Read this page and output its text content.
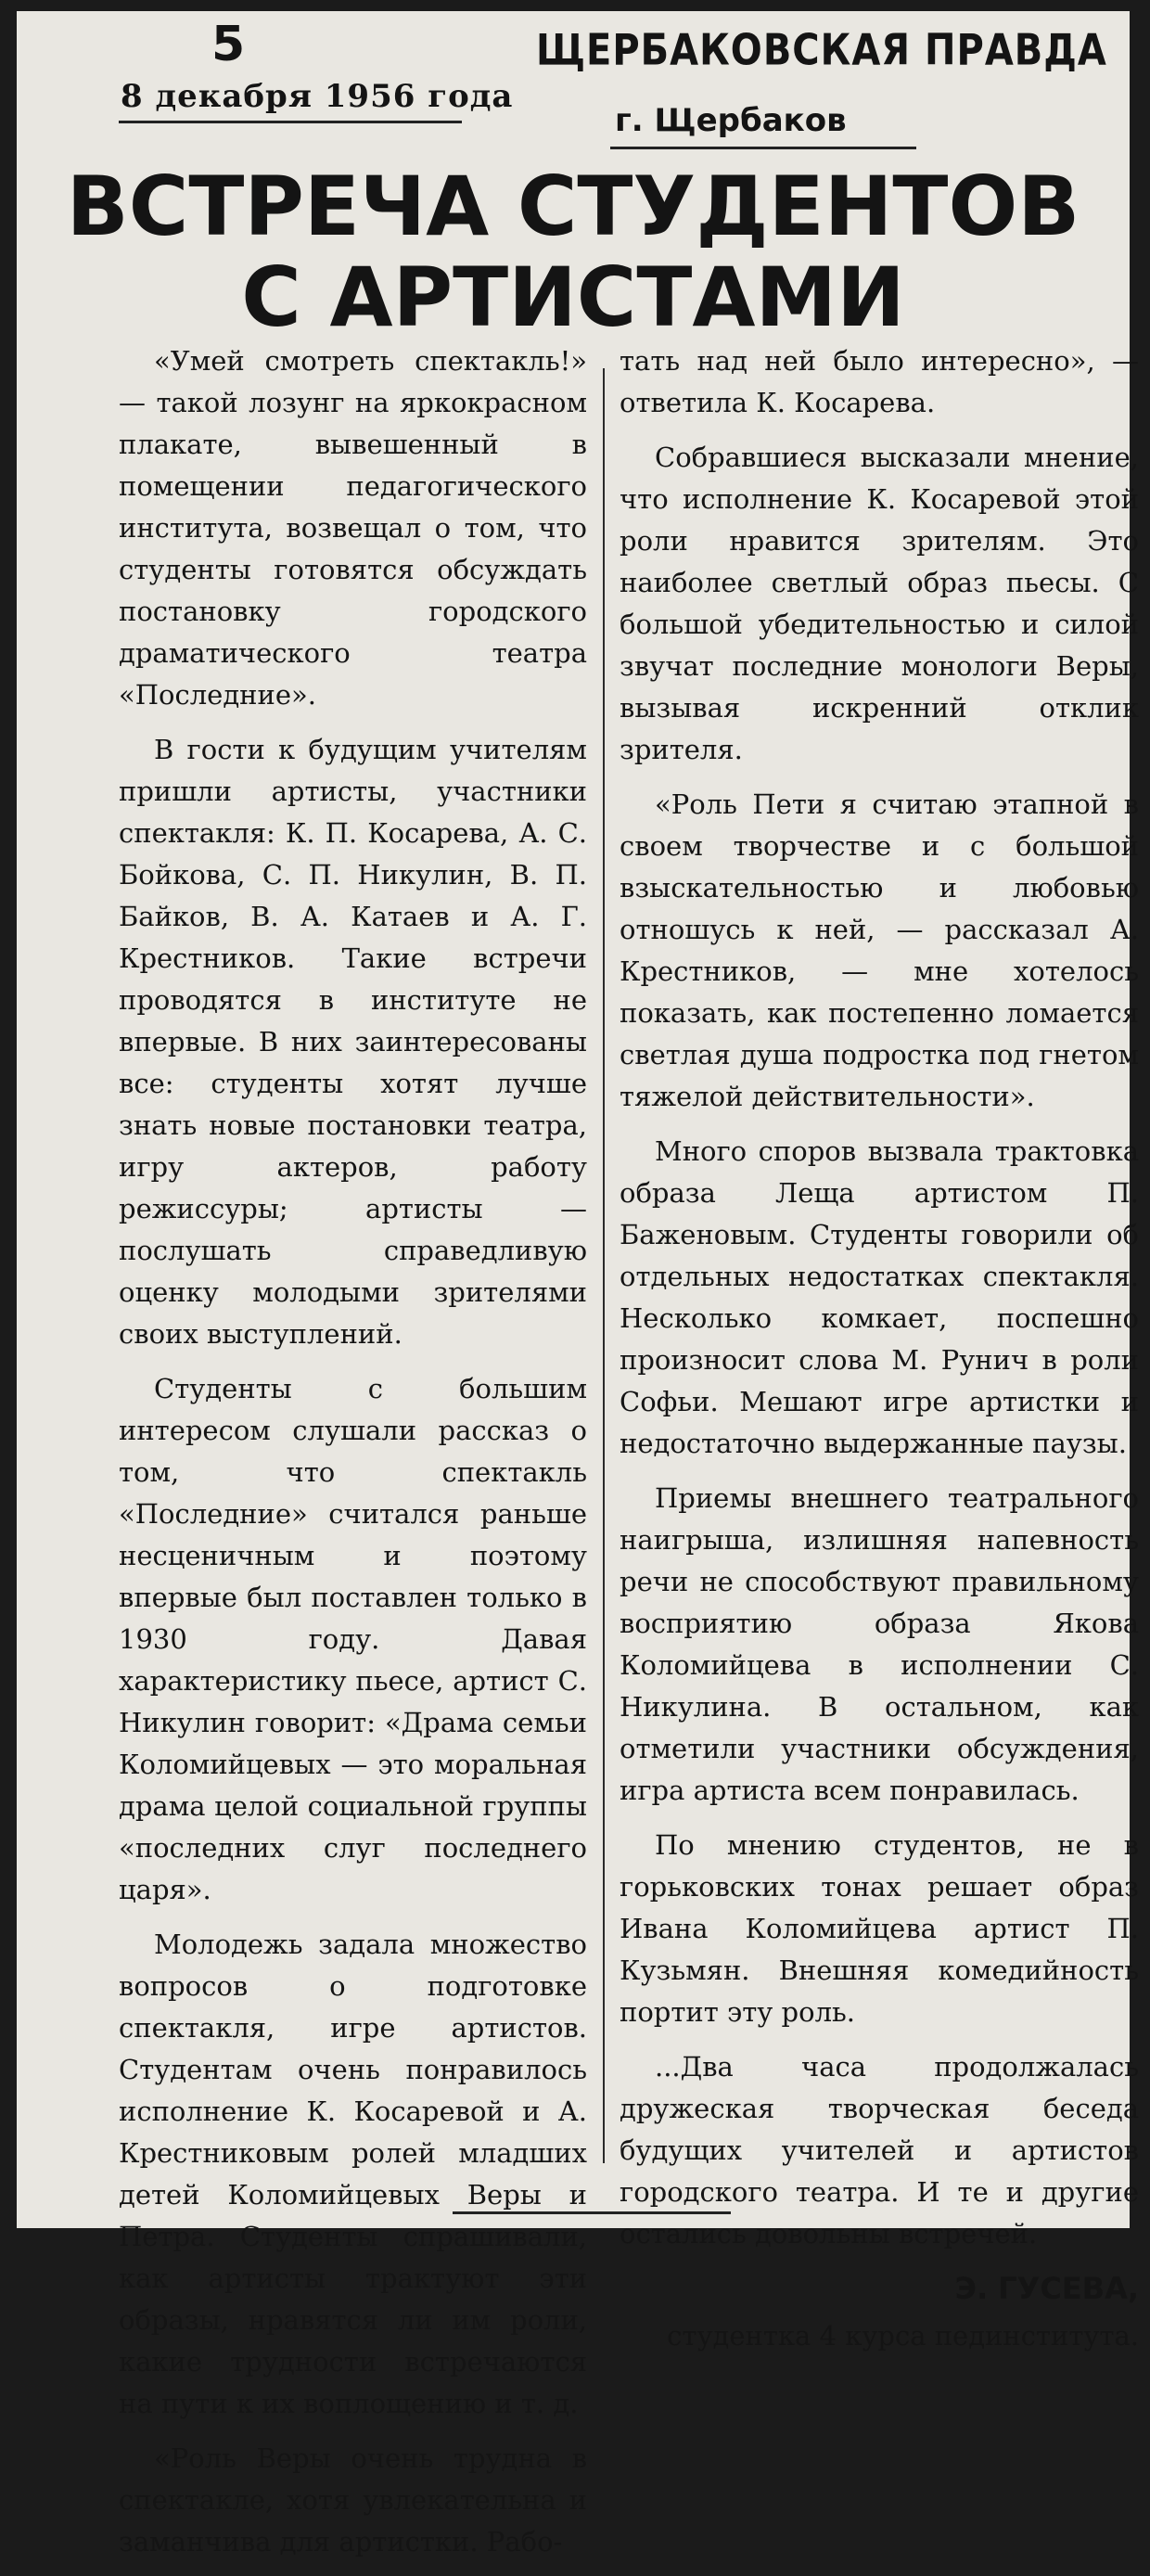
5
8 декабря 1956 года
ЩЕРБАКОВСКАЯ ПРАВДА
г. Щербаков
ВСТРЕЧА СТУДЕНТОВ
С АРТИСТАМИ

«Умей смотреть спектакль!» — такой лозунг на яркокрасном плакате, вывешенный в помещении педагогического института, возвещал о том, что студенты готовятся обсуждать постановку городского драматического театра «Последние».

В гости к будущим учителям пришли артисты, участники спектакля: К. П. Косарева, А. С. Бойкова, С. П. Никулин, В. П. Байков, В. А. Катаев и А. Г. Крестников. Такие встречи проводятся в институте не впервые. В них заинтересованы все: студенты хотят лучше знать новые постановки театра, игру актеров, работу режиссуры; артисты — послушать справедливую оценку молодыми зрителями своих выступлений.

Студенты с большим интересом слушали рассказ о том, что спектакль «Последние» считался раньше несценичным и поэтому впервые был поставлен только в 1930 году. Давая характеристику пьесе, артист С. Никулин говорит: «Драма семьи Коломийцевых — это моральная драма целой социальной группы «последних слуг последнего царя».

Молодежь задала множество вопросов о подготовке спектакля, игре артистов. Студентам очень понравилось исполнение К. Косаревой и А. Крестниковым ролей младших детей Коломийцевых Веры и Петра. Студенты спрашивали, как артисты трактуют эти образы, нравятся ли им роли, какие трудности встречаются на пути к их воплощению и т. д.

«Роль Веры очень трудна в спектакле, хотя увлекательна и заманчива для артистки. Рабо-

тать над ней было интересно», — ответила К. Косарева.

Собравшиеся высказали мнение, что исполнение К. Косаревой этой роли нравится зрителям. Это наиболее светлый образ пьесы. С большой убедительностью и силой звучат последние монологи Веры, вызывая искренний отклик зрителя.

«Роль Пети я считаю этапной в своем творчестве и с большой взыскательностью и любовью отношусь к ней, — рассказал А. Крестников, — мне хотелось показать, как постепенно ломается светлая душа подростка под гнетом тяжелой действительности».

Много споров вызвала трактовка образа Леща артистом П. Баженовым. Студенты говорили об отдельных недостатках спектакля. Несколько комкает, поспешно произносит слова М. Рунич в роли Софьи. Мешают игре артистки и недостаточно выдержанные паузы.

Приемы внешнего театрального наигрыша, излишняя напевность речи не способствуют правильному восприятию образа Якова Коломийцева в исполнении С. Никулина. В остальном, как отметили участники обсуждения, игра артиста всем понравилась.

По мнению студентов, не в горьковских тонах решает образ Ивана Коломийцева артист П. Кузьмян. Внешняя комедийность портит эту роль.

...Два часа продолжалась дружеская творческая беседа будущих учителей и артистов городского театра. И те и другие остались довольны встречей.

Э. ГУСЕВА,

студентка 4 курса пединститута.
